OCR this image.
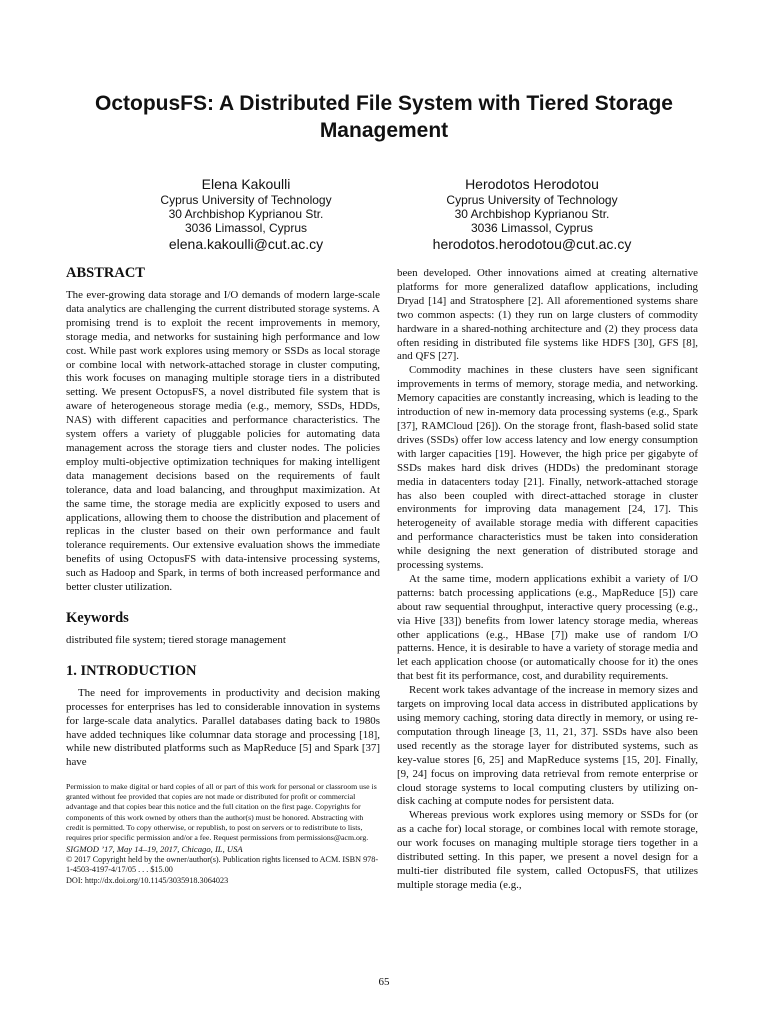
OctopusFS: A Distributed File System with Tiered Storage Management
Elena Kakoulli
Cyprus University of Technology
30 Archbishop Kyprianou Str.
3036 Limassol, Cyprus
elena.kakoulli@cut.ac.cy
Herodotos Herodotou
Cyprus University of Technology
30 Archbishop Kyprianou Str.
3036 Limassol, Cyprus
herodotos.herodotou@cut.ac.cy
ABSTRACT

The ever-growing data storage and I/O demands of modern large-scale data analytics are challenging the current distributed storage systems. A promising trend is to exploit the recent improvements in memory, storage media, and networks for sustaining high performance and low cost. While past work explores using memory or SSDs as local storage or combine local with network-attached storage in cluster computing, this work focuses on managing multiple storage tiers in a distributed setting. We present OctopusFS, a novel distributed file system that is aware of heterogeneous storage media (e.g., memory, SSDs, HDDs, NAS) with different capacities and performance characteristics. The system offers a variety of pluggable policies for automating data management across the storage tiers and cluster nodes. The policies employ multi-objective optimization techniques for making intelligent data management decisions based on the requirements of fault tolerance, data and load balancing, and throughput maximization. At the same time, the storage media are explicitly exposed to users and applications, allowing them to choose the distribution and placement of replicas in the cluster based on their own performance and fault tolerance requirements. Our extensive evaluation shows the immediate benefits of using OctopusFS with data-intensive processing systems, such as Hadoop and Spark, in terms of both increased performance and better cluster utilization.

Keywords

distributed file system; tiered storage management

1. INTRODUCTION

The need for improvements in productivity and decision making processes for enterprises has led to considerable innovation in systems for large-scale data analytics. Parallel databases dating back to 1980s have added techniques like columnar data storage and processing [18], while new distributed platforms such as MapReduce [5] and Spark [37] have

Permission to make digital or hard copies of all or part of this work for personal or classroom use is granted without fee provided that copies are not made or distributed for profit or commercial advantage and that copies bear this notice and the full citation on the first page. Copyrights for components of this work owned by others than the author(s) must be honored. Abstracting with credit is permitted. To copy otherwise, or republish, to post on servers or to redistribute to lists, requires prior specific permission and/or a fee. Request permissions from permissions@acm.org.

SIGMOD ’17, May 14–19, 2017, Chicago, IL, USA

© 2017 Copyright held by the owner/author(s). Publication rights licensed to ACM. ISBN 978-1-4503-4197-4/17/05 . . . $15.00

DOI: http://dx.doi.org/10.1145/3035918.3064023

been developed. Other innovations aimed at creating alternative platforms for more generalized dataflow applications, including Dryad [14] and Stratosphere [2]. All aforementioned systems share two common aspects: (1) they run on large clusters of commodity hardware in a shared-nothing architecture and (2) they process data often residing in distributed file systems like HDFS [30], GFS [8], and QFS [27].

Commodity machines in these clusters have seen significant improvements in terms of memory, storage media, and networking. Memory capacities are constantly increasing, which is leading to the introduction of new in-memory data processing systems (e.g., Spark [37], RAMCloud [26]). On the storage front, flash-based solid state drives (SSDs) offer low access latency and low energy consumption with larger capacities [19]. However, the high price per gigabyte of SSDs makes hard disk drives (HDDs) the predominant storage media in datacenters today [21]. Finally, network-attached storage has also been coupled with direct-attached storage in cluster environments for improving data management [24, 17]. This heterogeneity of available storage media with different capacities and performance characteristics must be taken into consideration while designing the next generation of distributed storage and processing systems.

At the same time, modern applications exhibit a variety of I/O patterns: batch processing applications (e.g., MapReduce [5]) care about raw sequential throughput, interactive query processing (e.g., via Hive [33]) benefits from lower latency storage media, whereas other applications (e.g., HBase [7]) make use of random I/O patterns. Hence, it is desirable to have a variety of storage media and let each application choose (or automatically choose for it) the ones that best fit its performance, cost, and durability requirements.

Recent work takes advantage of the increase in memory sizes and targets on improving local data access in distributed applications by using memory caching, storing data directly in memory, or using re-computation through lineage [3, 11, 21, 37]. SSDs have also been used recently as the storage layer for distributed systems, such as key-value stores [6, 25] and MapReduce systems [15, 20]. Finally, [9, 24] focus on improving data retrieval from remote enterprise or cloud storage systems to local computing clusters by utilizing on-disk caching at compute nodes for persistent data.

Whereas previous work explores using memory or SSDs for (or as a cache for) local storage, or combines local with remote storage, our work focuses on managing multiple storage tiers together in a distributed setting. In this paper, we present a novel design for a multi-tier distributed file system, called OctopusFS, that utilizes multiple storage media (e.g.,

65
